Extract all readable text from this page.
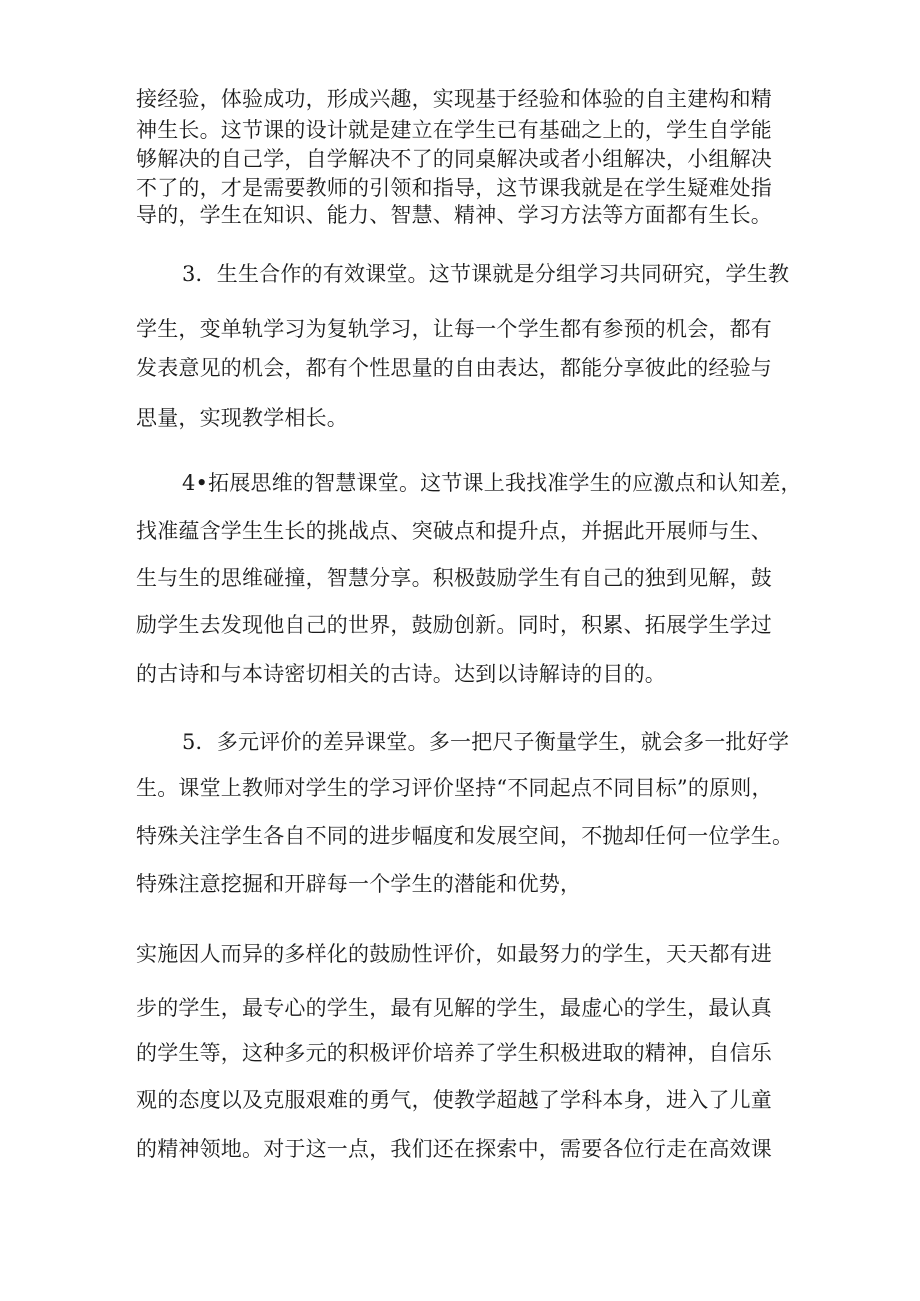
接经验，体验成功，形成兴趣，实现基于经验和体验的自主建构和精
神生长。这节课的设计就是建立在学生已有基础之上的，学生自学能
够解决的自己学，自学解决不了的同桌解决或者小组解决，小组解决
不了的，才是需要教师的引领和指导，这节课我就是在学生疑难处指
导的，学生在知识、能力、智慧、精神、学习方法等方面都有生长。
3．生生合作的有效课堂。这节课就是分组学习共同研究，学生教
学生，变单轨学习为复轨学习，让每一个学生都有参预的机会，都有
发表意见的机会，都有个性思量的自由表达，都能分享彼此的经验与
思量，实现教学相长。
4•拓展思维的智慧课堂。这节课上我找准学生的应激点和认知差，
找准蕴含学生生长的挑战点、突破点和提升点，并据此开展师与生、
生与生的思维碰撞，智慧分享。积极鼓励学生有自己的独到见解，鼓
励学生去发现他自己的世界，鼓励创新。同时，积累、拓展学生学过
的古诗和与本诗密切相关的古诗。达到以诗解诗的目的。
5．多元评价的差异课堂。多一把尺子衡量学生，就会多一批好学
生。课堂上教师对学生的学习评价坚持“不同起点不同目标”的原则，
特殊关注学生各自不同的进步幅度和发展空间，不抛却任何一位学生。
特殊注意挖掘和开辟每一个学生的潜能和优势，
实施因人而异的多样化的鼓励性评价，如最努力的学生，天天都有进
步的学生，最专心的学生，最有见解的学生，最虚心的学生，最认真
的学生等，这种多元的积极评价培养了学生积极进取的精神，自信乐
观的态度以及克服艰难的勇气，使教学超越了学科本身，进入了儿童
的精神领地。对于这一点，我们还在探索中，需要各位行走在高效课
